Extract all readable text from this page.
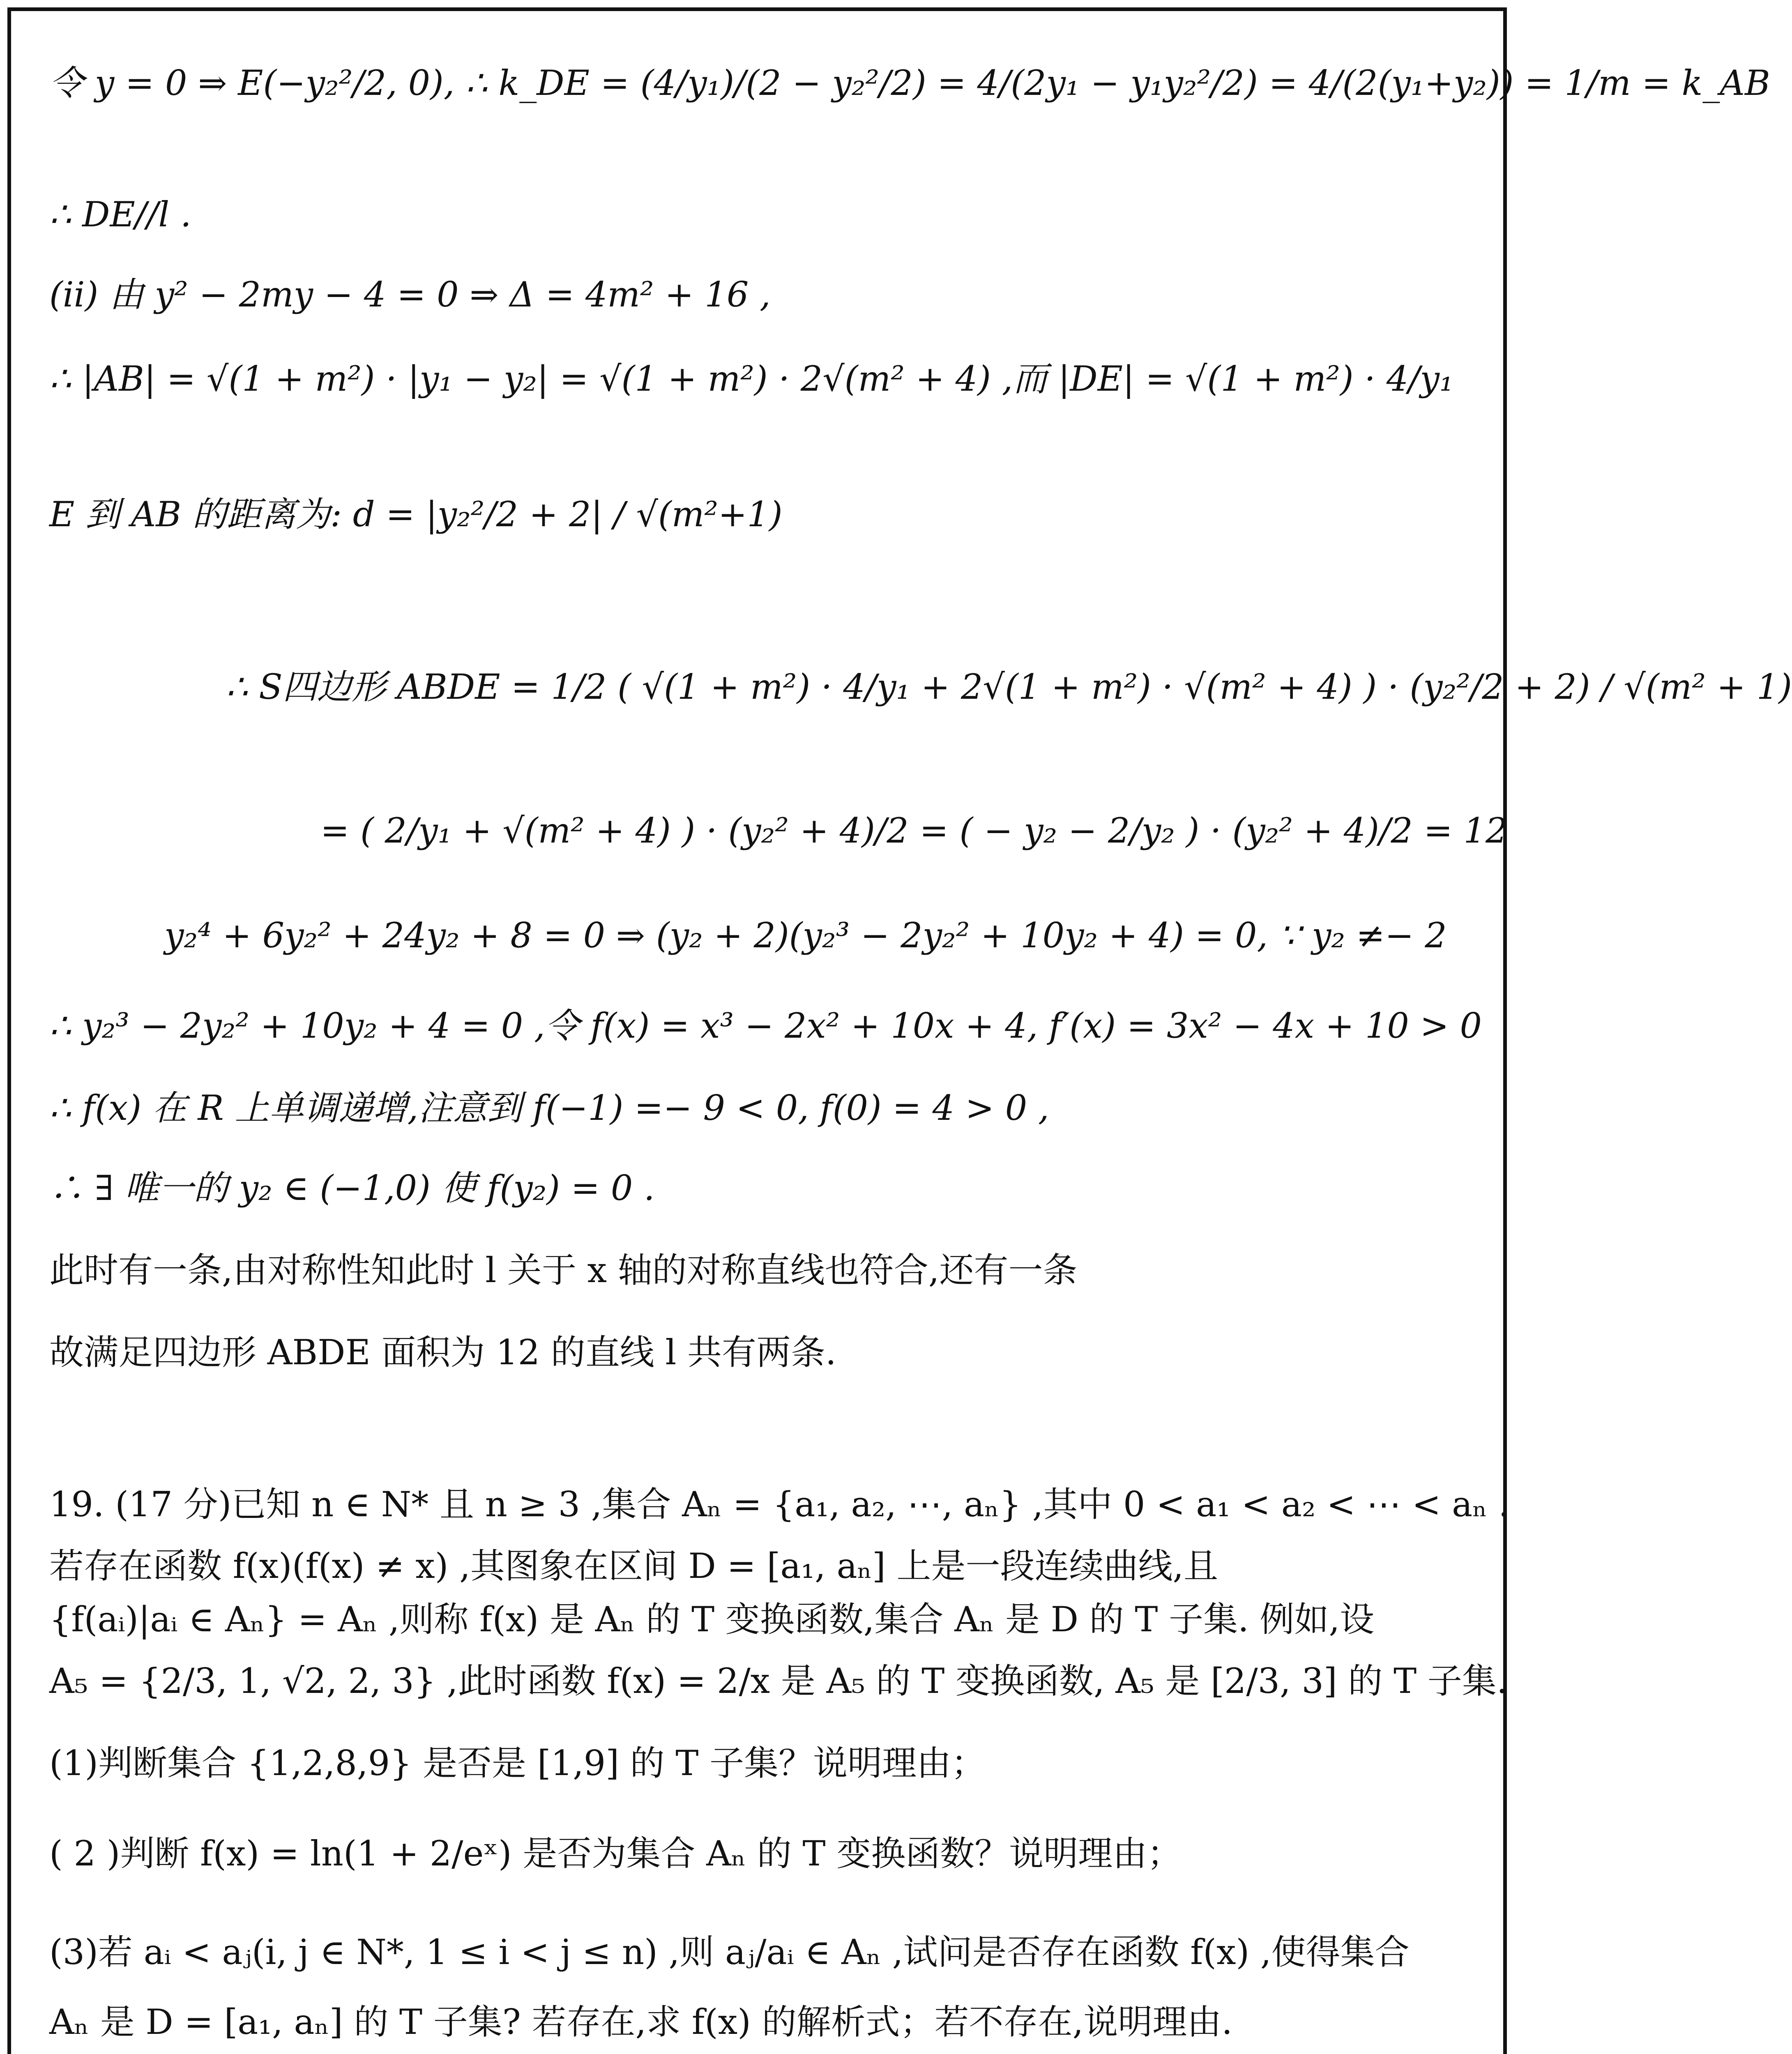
令 y = 0 ⇒ E(−y₂²/2, 0), ∴ k_DE = (4/y₁)/(2 − y₂²/2) = 4/(2y₁ − y₁y₂²/2) = 4/(2(y₁+y₂)) = 1/m = k_AB
∴ DE//l .
(ii) 由 y² − 2my − 4 = 0 ⇒ Δ = 4m² + 16 ,
∴ |AB| = √(1 + m²) · |y₁ − y₂| = √(1 + m²) · 2√(m² + 4) ,而 |DE| = √(1 + m²) · 4/y₁
E 到 AB 的距离为: d = |y₂²/2 + 2| / √(m²+1)
∴ S四边形 ABDE = 1/2 ( √(1 + m²) · 4/y₁ + 2√(1 + m²) · √(m² + 4) ) · (y₂²/2 + 2) / √(m² + 1)
= ( 2/y₁ + √(m² + 4) ) · (y₂² + 4)/2 = ( − y₂ − 2/y₂ ) · (y₂² + 4)/2 = 12
y₂⁴ + 6y₂² + 24y₂ + 8 = 0 ⇒ (y₂ + 2)(y₂³ − 2y₂² + 10y₂ + 4) = 0, ∵ y₂ ≠− 2
∴ y₂³ − 2y₂² + 10y₂ + 4 = 0 ,令 f(x) = x³ − 2x² + 10x + 4, f′(x) = 3x² − 4x + 10 > 0
∴ f(x) 在 R 上单调递增,注意到 f(−1) =− 9 < 0, f(0) = 4 > 0 ,
∴ ∃ 唯一的 y₂ ∈ (−1,0) 使 f(y₂) = 0 .
此时有一条,由对称性知此时 l 关于 x 轴的对称直线也符合,还有一条
故满足四边形 ABDE 面积为 12 的直线 l 共有两条.
19. (17 分)已知 n ∈ N* 且 n ≥ 3 ,集合 Aₙ = {a₁, a₂, ⋯, aₙ} ,其中 0 < a₁ < a₂ < ⋯ < aₙ .
若存在函数 f(x)(f(x) ≠ x) ,其图象在区间 D = [a₁, aₙ] 上是一段连续曲线,且
{f(aᵢ)|aᵢ ∈ Aₙ} = Aₙ ,则称 f(x) 是 Aₙ 的 T 变换函数,集合 Aₙ 是 D 的 T 子集. 例如,设
A₅ = {2/3, 1, √2, 2, 3} ,此时函数 f(x) = 2/x 是 A₅ 的 T 变换函数, A₅ 是 [2/3, 3] 的 T 子集.
(1)判断集合 {1,2,8,9} 是否是 [1,9] 的 T 子集？说明理由；
( 2 )判断 f(x) = ln(1 + 2/eˣ) 是否为集合 Aₙ 的 T 变换函数？说明理由；
(3)若 aᵢ < aⱼ(i, j ∈ N*, 1 ≤ i < j ≤ n) ,则 aⱼ/aᵢ ∈ Aₙ ,试问是否存在函数 f(x) ,使得集合
Aₙ 是 D = [a₁, aₙ] 的 T 子集? 若存在,求 f(x) 的解析式；若不存在,说明理由.
